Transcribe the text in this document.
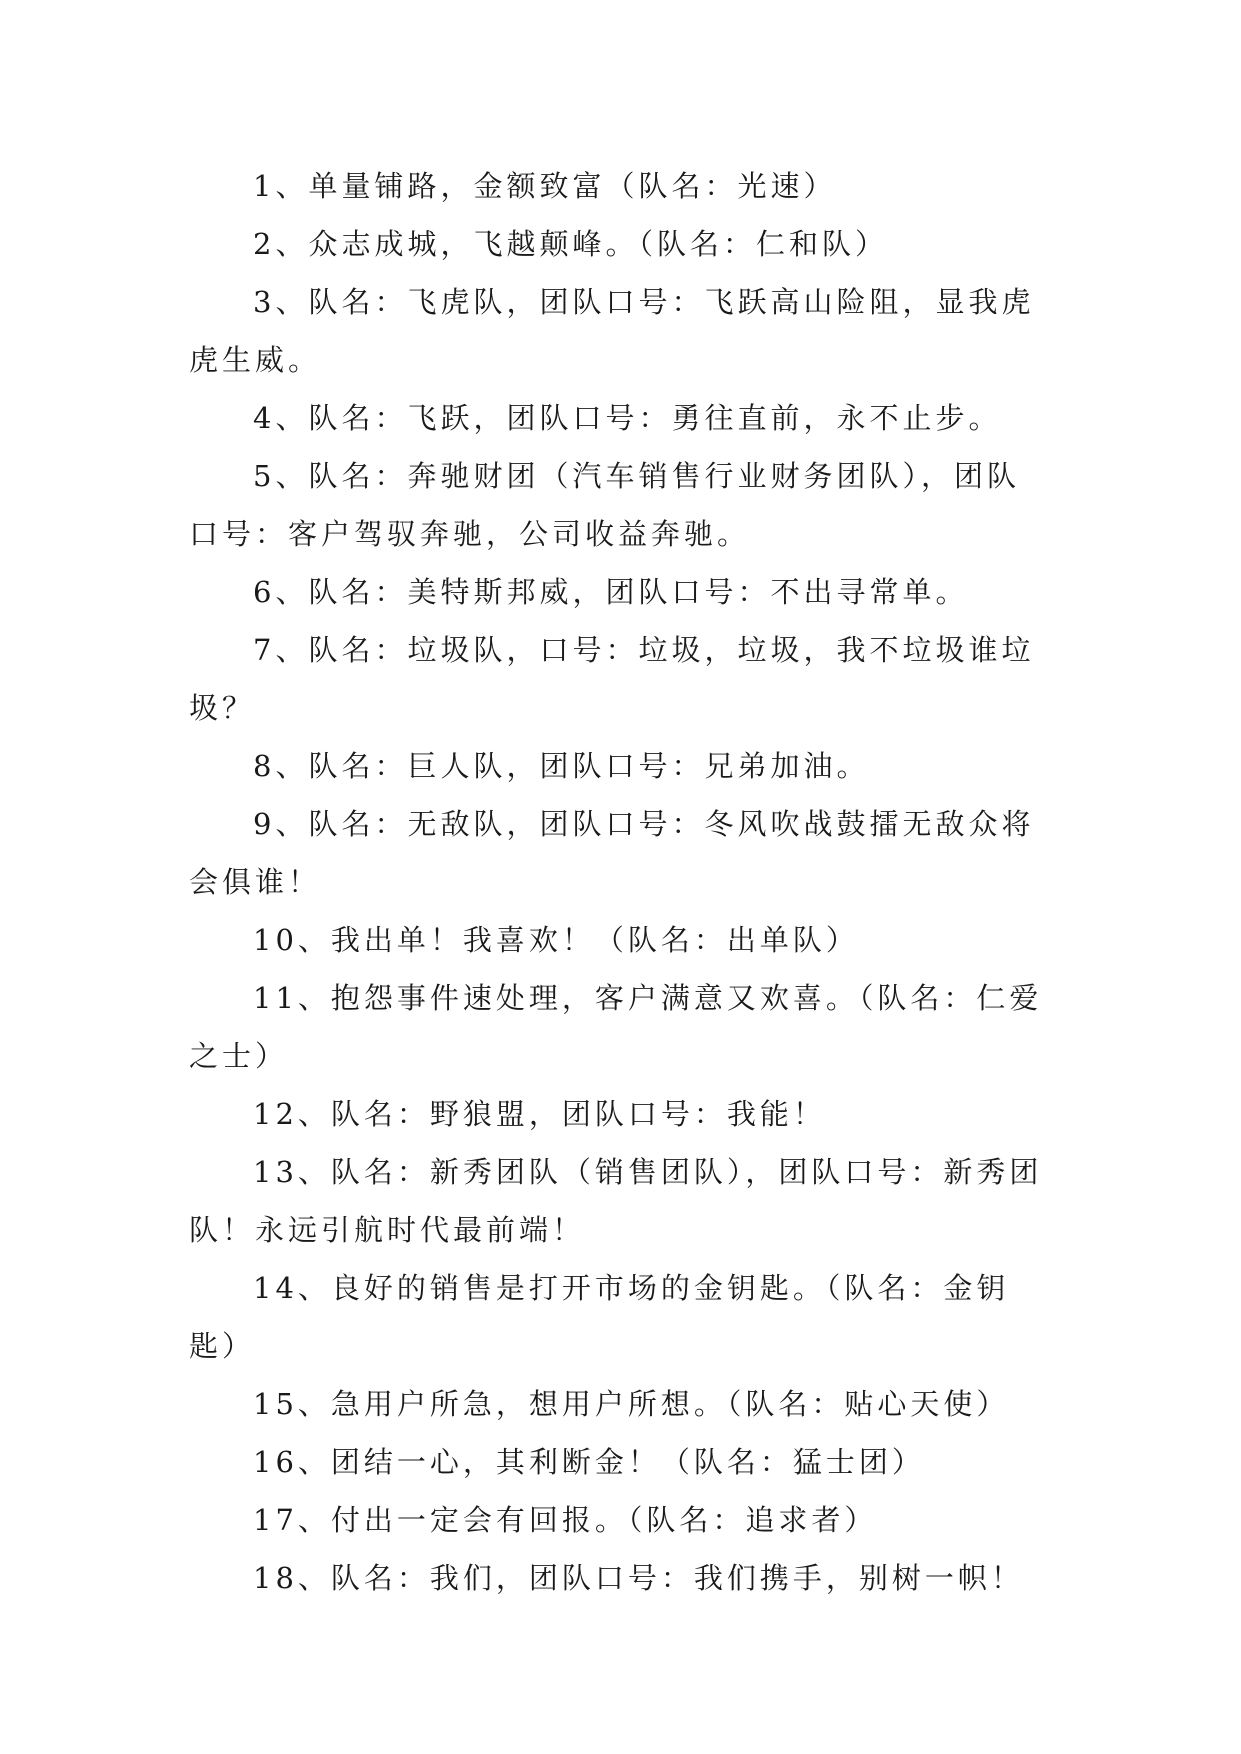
1、单量铺路，金额致富（队名：光速）

2、众志成城，飞越颠峰。（队名：仁和队）

3、队名：飞虎队，团队口号：飞跃高山险阻，显我虎虎生威。

4、队名：飞跃，团队口号：勇往直前，永不止步。

5、队名：奔驰财团（汽车销售行业财务团队），团队口号：客户驾驭奔驰，公司收益奔驰。

6、队名：美特斯邦威，团队口号：不出寻常单。

7、队名：垃圾队，口号：垃圾，垃圾，我不垃圾谁垃圾？

8、队名：巨人队，团队口号：兄弟加油。

9、队名：无敌队，团队口号：冬风吹战鼓擂无敌众将会俱谁！

10、我出单！我喜欢！（队名：出单队）

11、抱怨事件速处理，客户满意又欢喜。（队名：仁爱之士）

12、队名：野狼盟，团队口号：我能！

13、队名：新秀团队（销售团队），团队口号：新秀团队！永远引航时代最前端！

14、良好的销售是打开市场的金钥匙。（队名：金钥匙）

15、急用户所急，想用户所想。（队名：贴心天使）

16、团结一心，其利断金！（队名：猛士团）

17、付出一定会有回报。（队名：追求者）

18、队名：我们，团队口号：我们携手，别树一帜！
